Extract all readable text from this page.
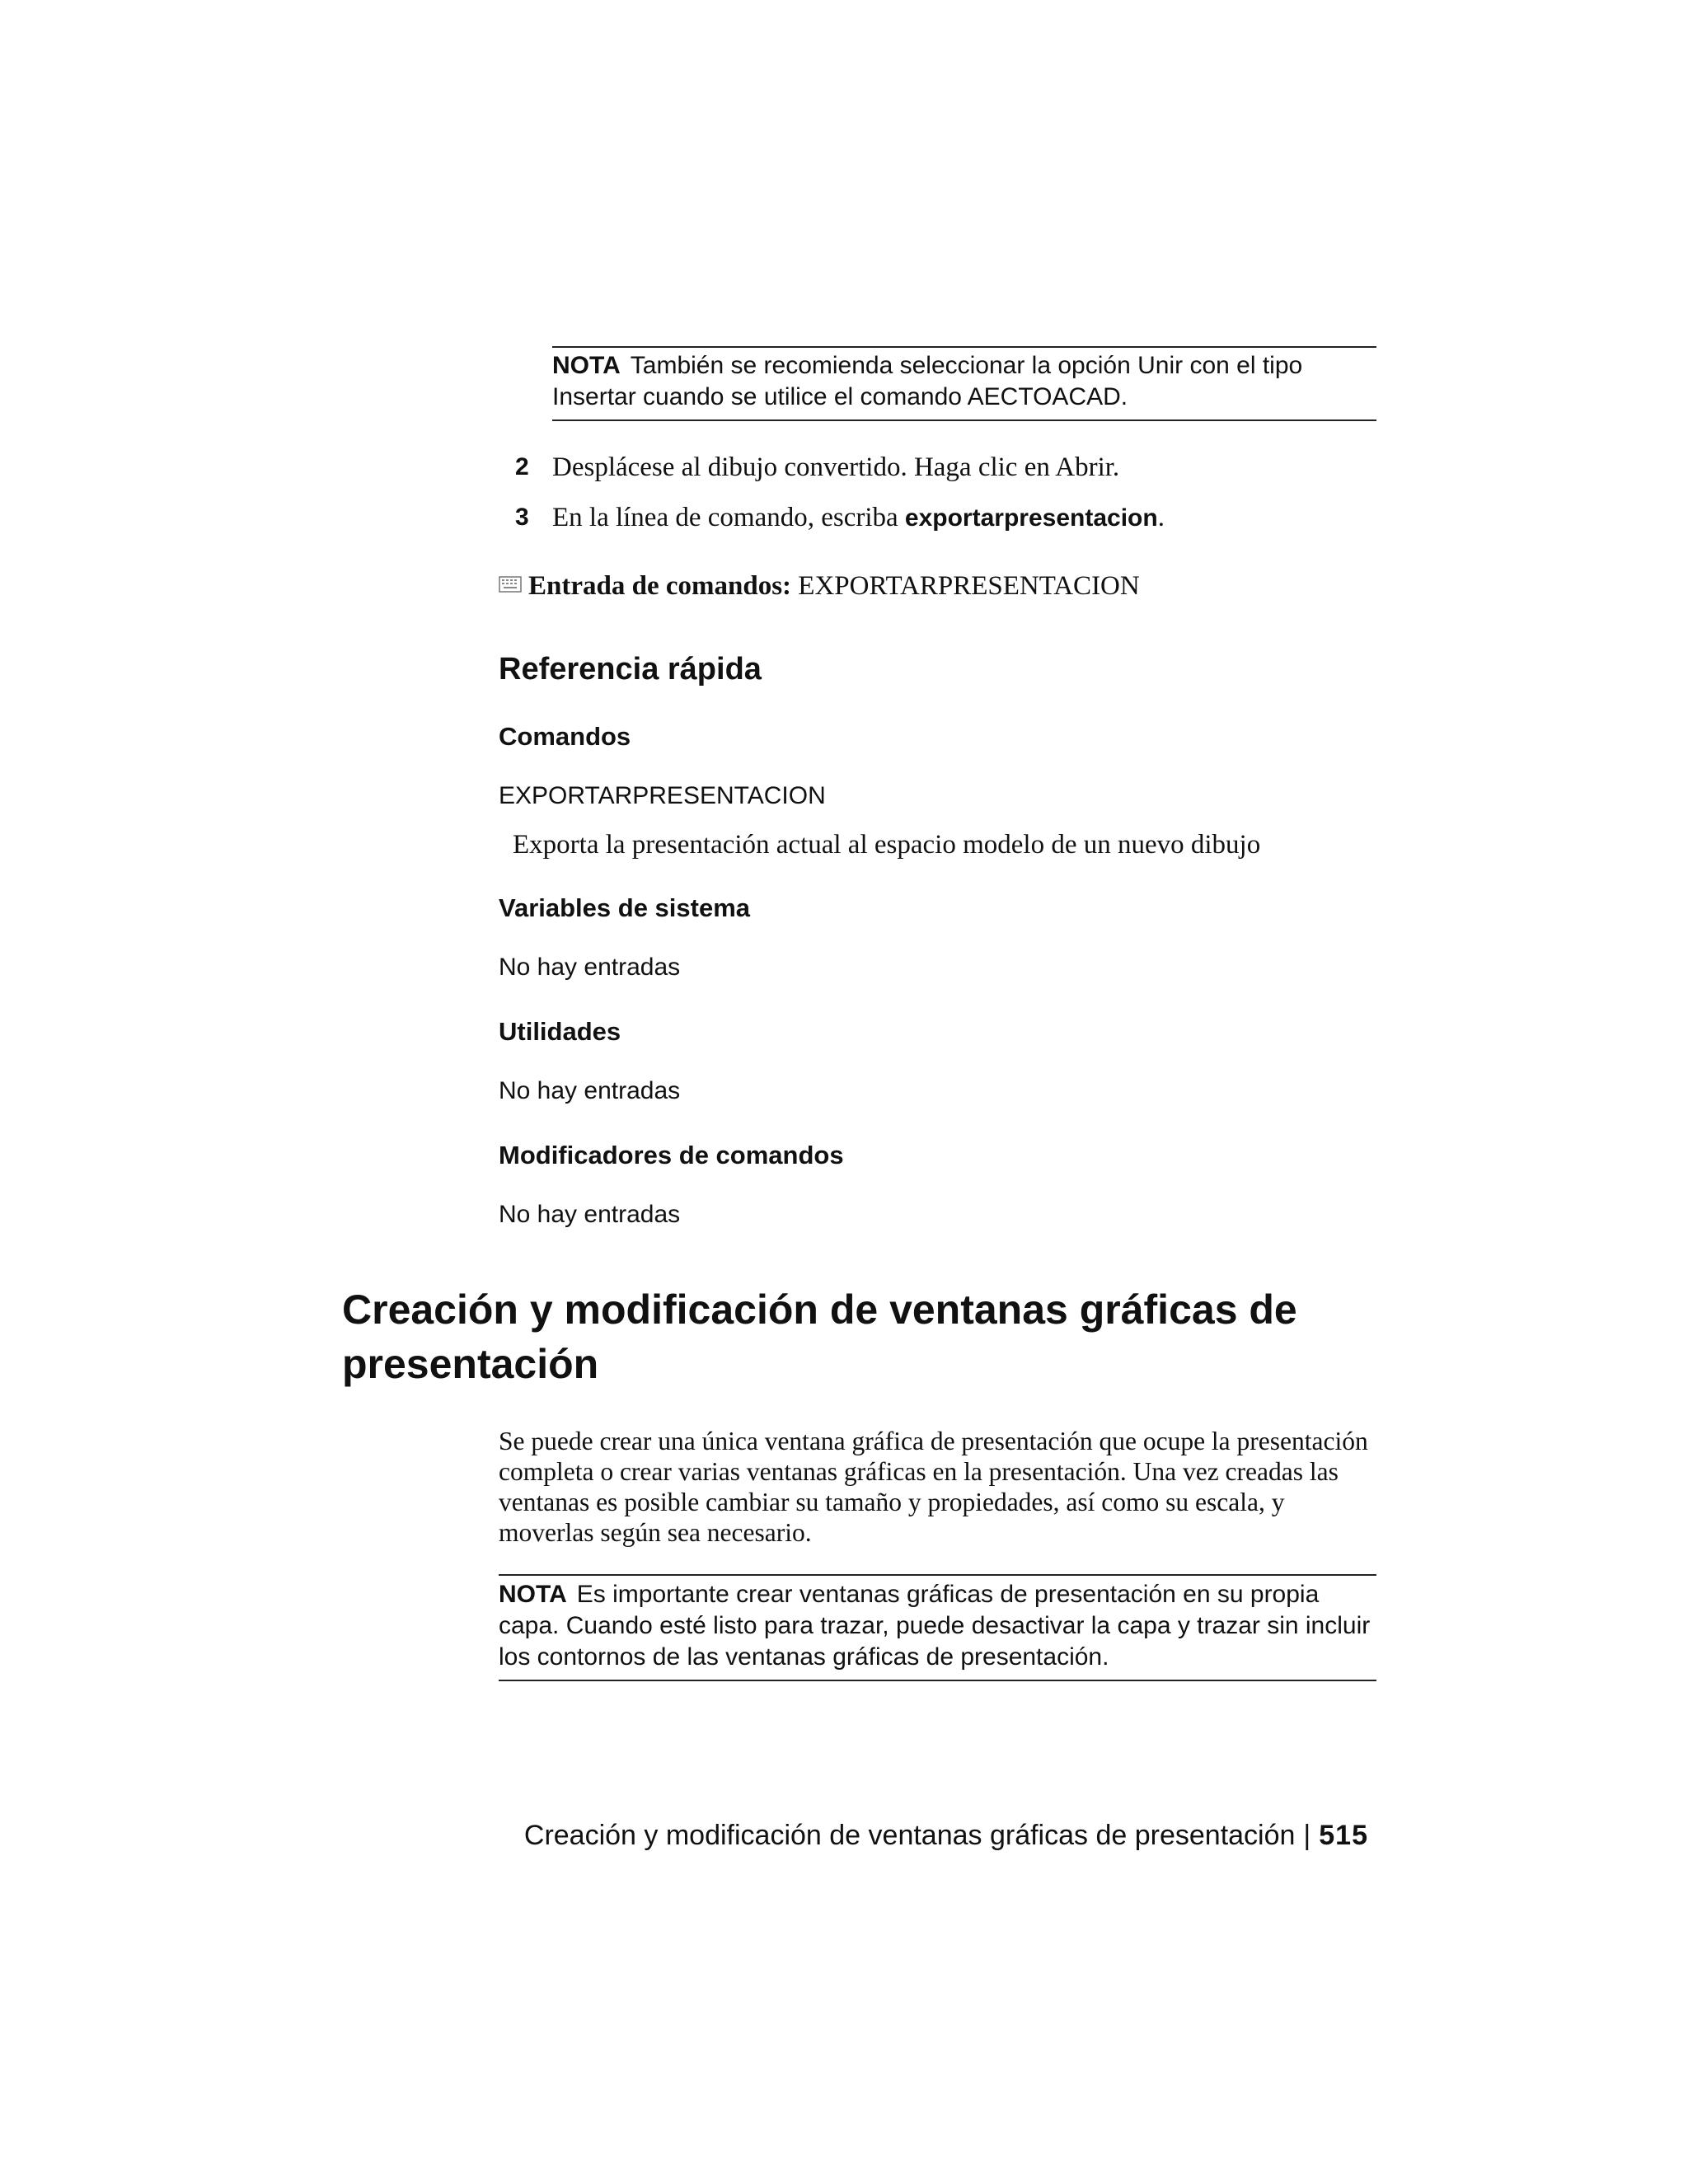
NOTA También se recomienda seleccionar la opción Unir con el tipo Insertar cuando se utilice el comando AECTOACAD.
2 Desplácese al dibujo convertido. Haga clic en Abrir.
3 En la línea de comando, escriba exportarpresentacion.
Entrada de comandos: EXPORTARPRESENTACION
Referencia rápida
Comandos
EXPORTARPRESENTACION
Exporta la presentación actual al espacio modelo de un nuevo dibujo
Variables de sistema
No hay entradas
Utilidades
No hay entradas
Modificadores de comandos
No hay entradas
Creación y modificación de ventanas gráficas de presentación
Se puede crear una única ventana gráfica de presentación que ocupe la presentación completa o crear varias ventanas gráficas en la presentación. Una vez creadas las ventanas es posible cambiar su tamaño y propiedades, así como su escala, y moverlas según sea necesario.
NOTA Es importante crear ventanas gráficas de presentación en su propia capa. Cuando esté listo para trazar, puede desactivar la capa y trazar sin incluir los contornos de las ventanas gráficas de presentación.
Creación y modificación de ventanas gráficas de presentación | 515
